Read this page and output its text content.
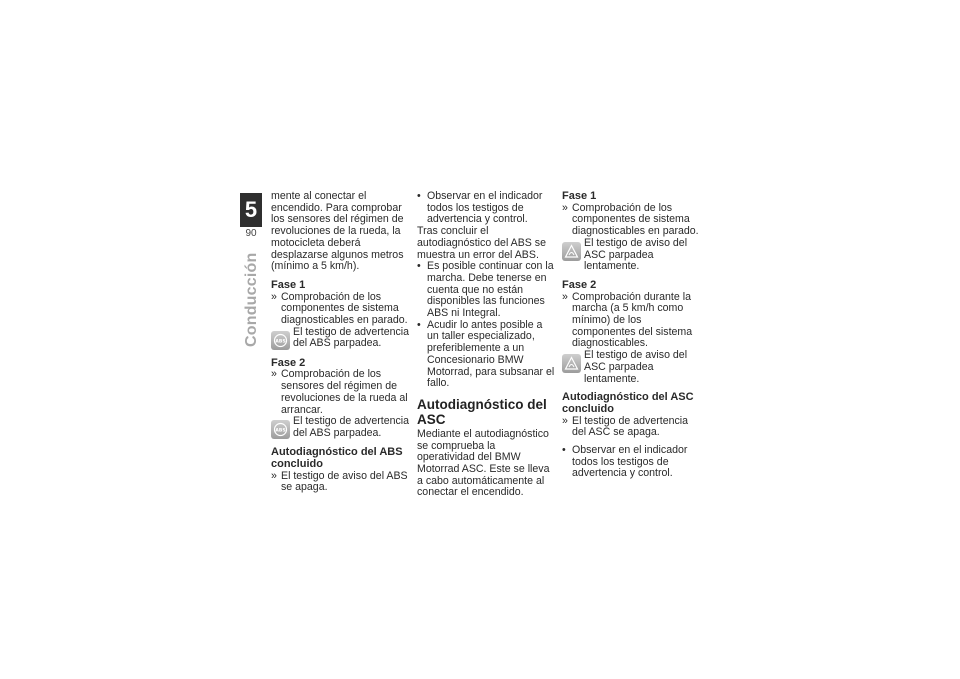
5
90
Conducción

mente al conectar el encendido. Para comprobar los sensores del régimen de revoluciones de la rueda, la motocicleta deberá desplazarse algunos metros (mínimo a 5 km/h).

Fase 1

» Comprobación de los componentes de sistema diagnosticables en parado.

ABS

El testigo de advertencia del ABS parpadea.

Fase 2

» Comprobación de los sensores del régimen de revoluciones de la rueda al arrancar.

ABS

El testigo de advertencia del ABS parpadea.

Autodiagnóstico del ABS concluido

» El testigo de aviso del ABS se apaga.

• Observar en el indicador todos los testigos de advertencia y control.

Tras concluir el autodiagnóstico del ABS se muestra un error del ABS.

• Es posible continuar con la marcha. Debe tenerse en cuenta que no están disponibles las funciones ABS ni Integral.

• Acudir lo antes posible a un taller especializado, preferiblemente a un Concesionario BMW Motorrad, para subsanar el fallo.

Autodiagnóstico del ASC

Mediante el autodiagnóstico se comprueba la operatividad del BMW Motorrad ASC. Este se lleva a cabo automáticamente al conectar el encendido.

Fase 1

» Comprobación de los componentes de sistema diagnosticables en parado.

El testigo de aviso del ASC parpadea lentamente.

Fase 2

» Comprobación durante la marcha (a 5 km/h como mínimo) de los componentes del sistema diagnosticables.

El testigo de aviso del ASC parpadea lentamente.

Autodiagnóstico del ASC concluido

» El testigo de advertencia del ASC se apaga.

• Observar en el indicador todos los testigos de advertencia y control.
